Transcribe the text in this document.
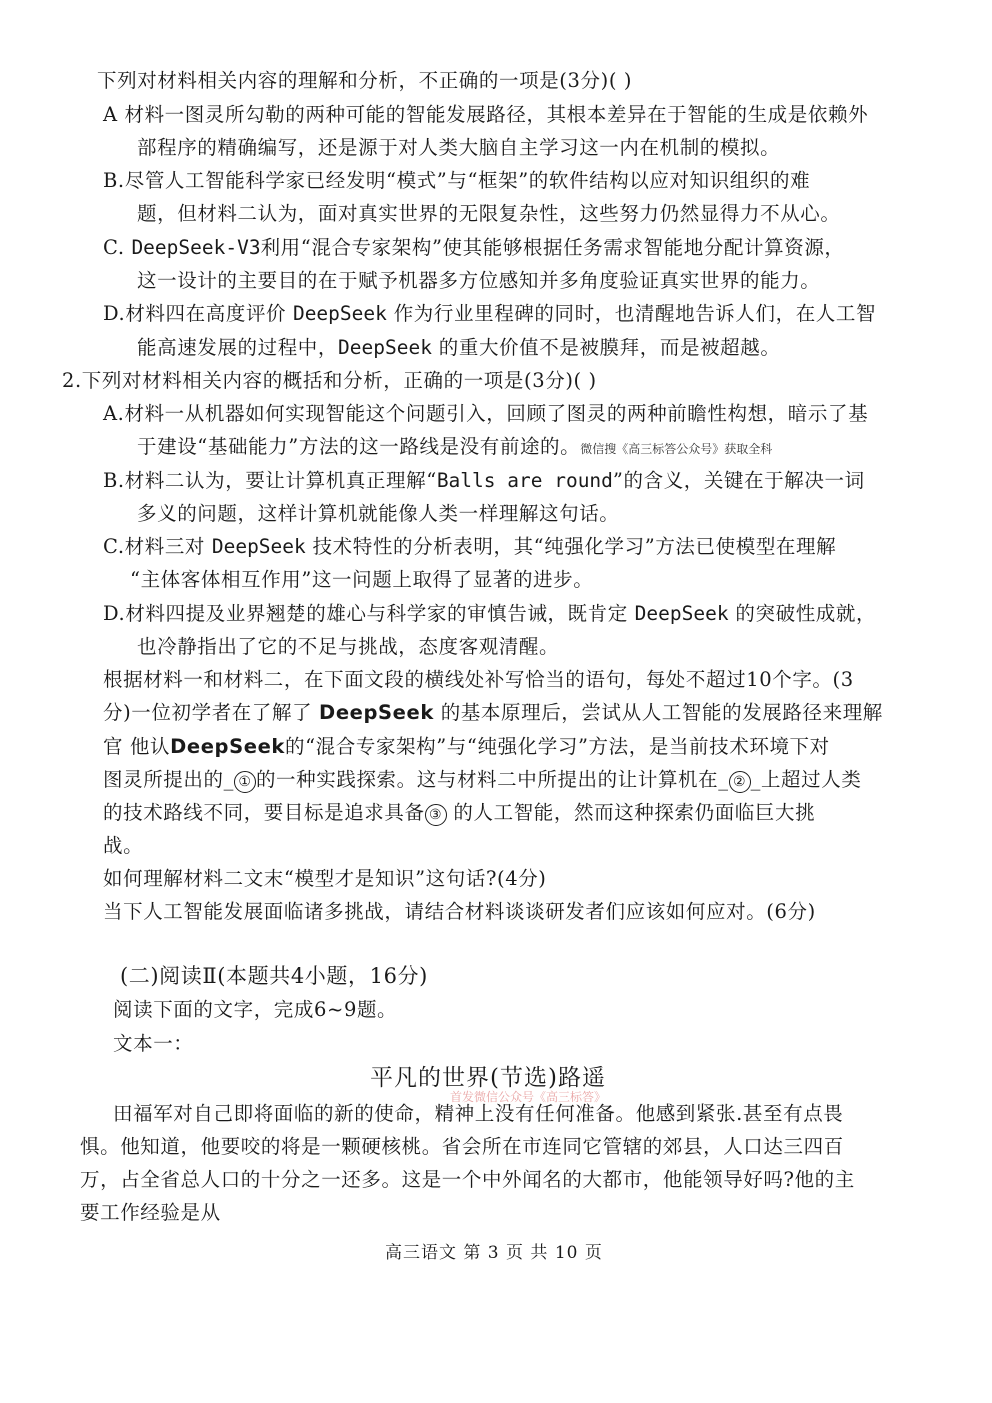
下列对材料相关内容的理解和分析，不正确的一项是(3分)( )
A 材料一图灵所勾勒的两种可能的智能发展路径，其根本差异在于智能的生成是依赖外
部程序的精确编写，还是源于对人类大脑自主学习这一内在机制的模拟。
B.尽管人工智能科学家已经发明“模式”与“框架”的软件结构以应对知识组织的难
题，但材料二认为，面对真实世界的无限复杂性，这些努力仍然显得力不从心。
C. DeepSeek-V3利用“混合专家架构”使其能够根据任务需求智能地分配计算资源，
这一设计的主要目的在于赋予机器多方位感知并多角度验证真实世界的能力。
D.材料四在高度评价 DeepSeek 作为行业里程碑的同时，也清醒地告诉人们，在人工智
能高速发展的过程中，DeepSeek 的重大价值不是被膜拜，而是被超越。
2.下列对材料相关内容的概括和分析，正确的一项是(3分)( )
A.材料一从机器如何实现智能这个问题引入，回顾了图灵的两种前瞻性构想，暗示了基
于建设“基础能力”方法的这一路线是没有前途的。微信搜《高三标答公众号》获取全科
B.材料二认为，要让计算机真正理解“Balls are round”的含义，关键在于解决一词
多义的问题，这样计算机就能像人类一样理解这句话。
C.材料三对 DeepSeek 技术特性的分析表明，其“纯强化学习”方法已使模型在理解
“主体客体相互作用”这一问题上取得了显著的进步。
D.材料四提及业界翘楚的雄心与科学家的审慎告诫，既肯定 DeepSeek 的突破性成就，
也冷静指出了它的不足与挑战，态度客观清醒。
根据材料一和材料二，在下面文段的横线处补写恰当的语句，每处不超过10个字。(3
分)一位初学者在了解了 DeepSeek 的基本原理后，尝试从人工智能的发展路径来理解
官 他认DeepSeek的“混合专家架构”与“纯强化学习”方法，是当前技术环境下对
图灵所提出的_ ① 的一种实践探索。这与材料二中所提出的让计算机在_ ② _上超过人类
的技术路线不同，要目标是追求具备 ③ 的人工智能，然而这种探索仍面临巨大挑
战。
如何理解材料二文末“模型才是知识”这句话?(4分)
当下人工智能发展面临诸多挑战，请结合材料谈谈研发者们应该如何应对。(6分)
(二)阅读Ⅱ(本题共4小题，16分)
阅读下面的文字，完成6~9题。
文本一：
平凡的世界(节选)路遥
首发微信公众号《高三标答》
田福军对自己即将面临的新的使命，精神上没有任何准备。他感到紧张.甚至有点畏
惧。他知道，他要咬的将是一颗硬核桃。省会所在市连同它管辖的郊县，人口达三四百
万，占全省总人口的十分之一还多。这是一个中外闻名的大都市，他能领导好吗?他的主
要工作经验是从
高三语文 第 3 页 共 10 页
